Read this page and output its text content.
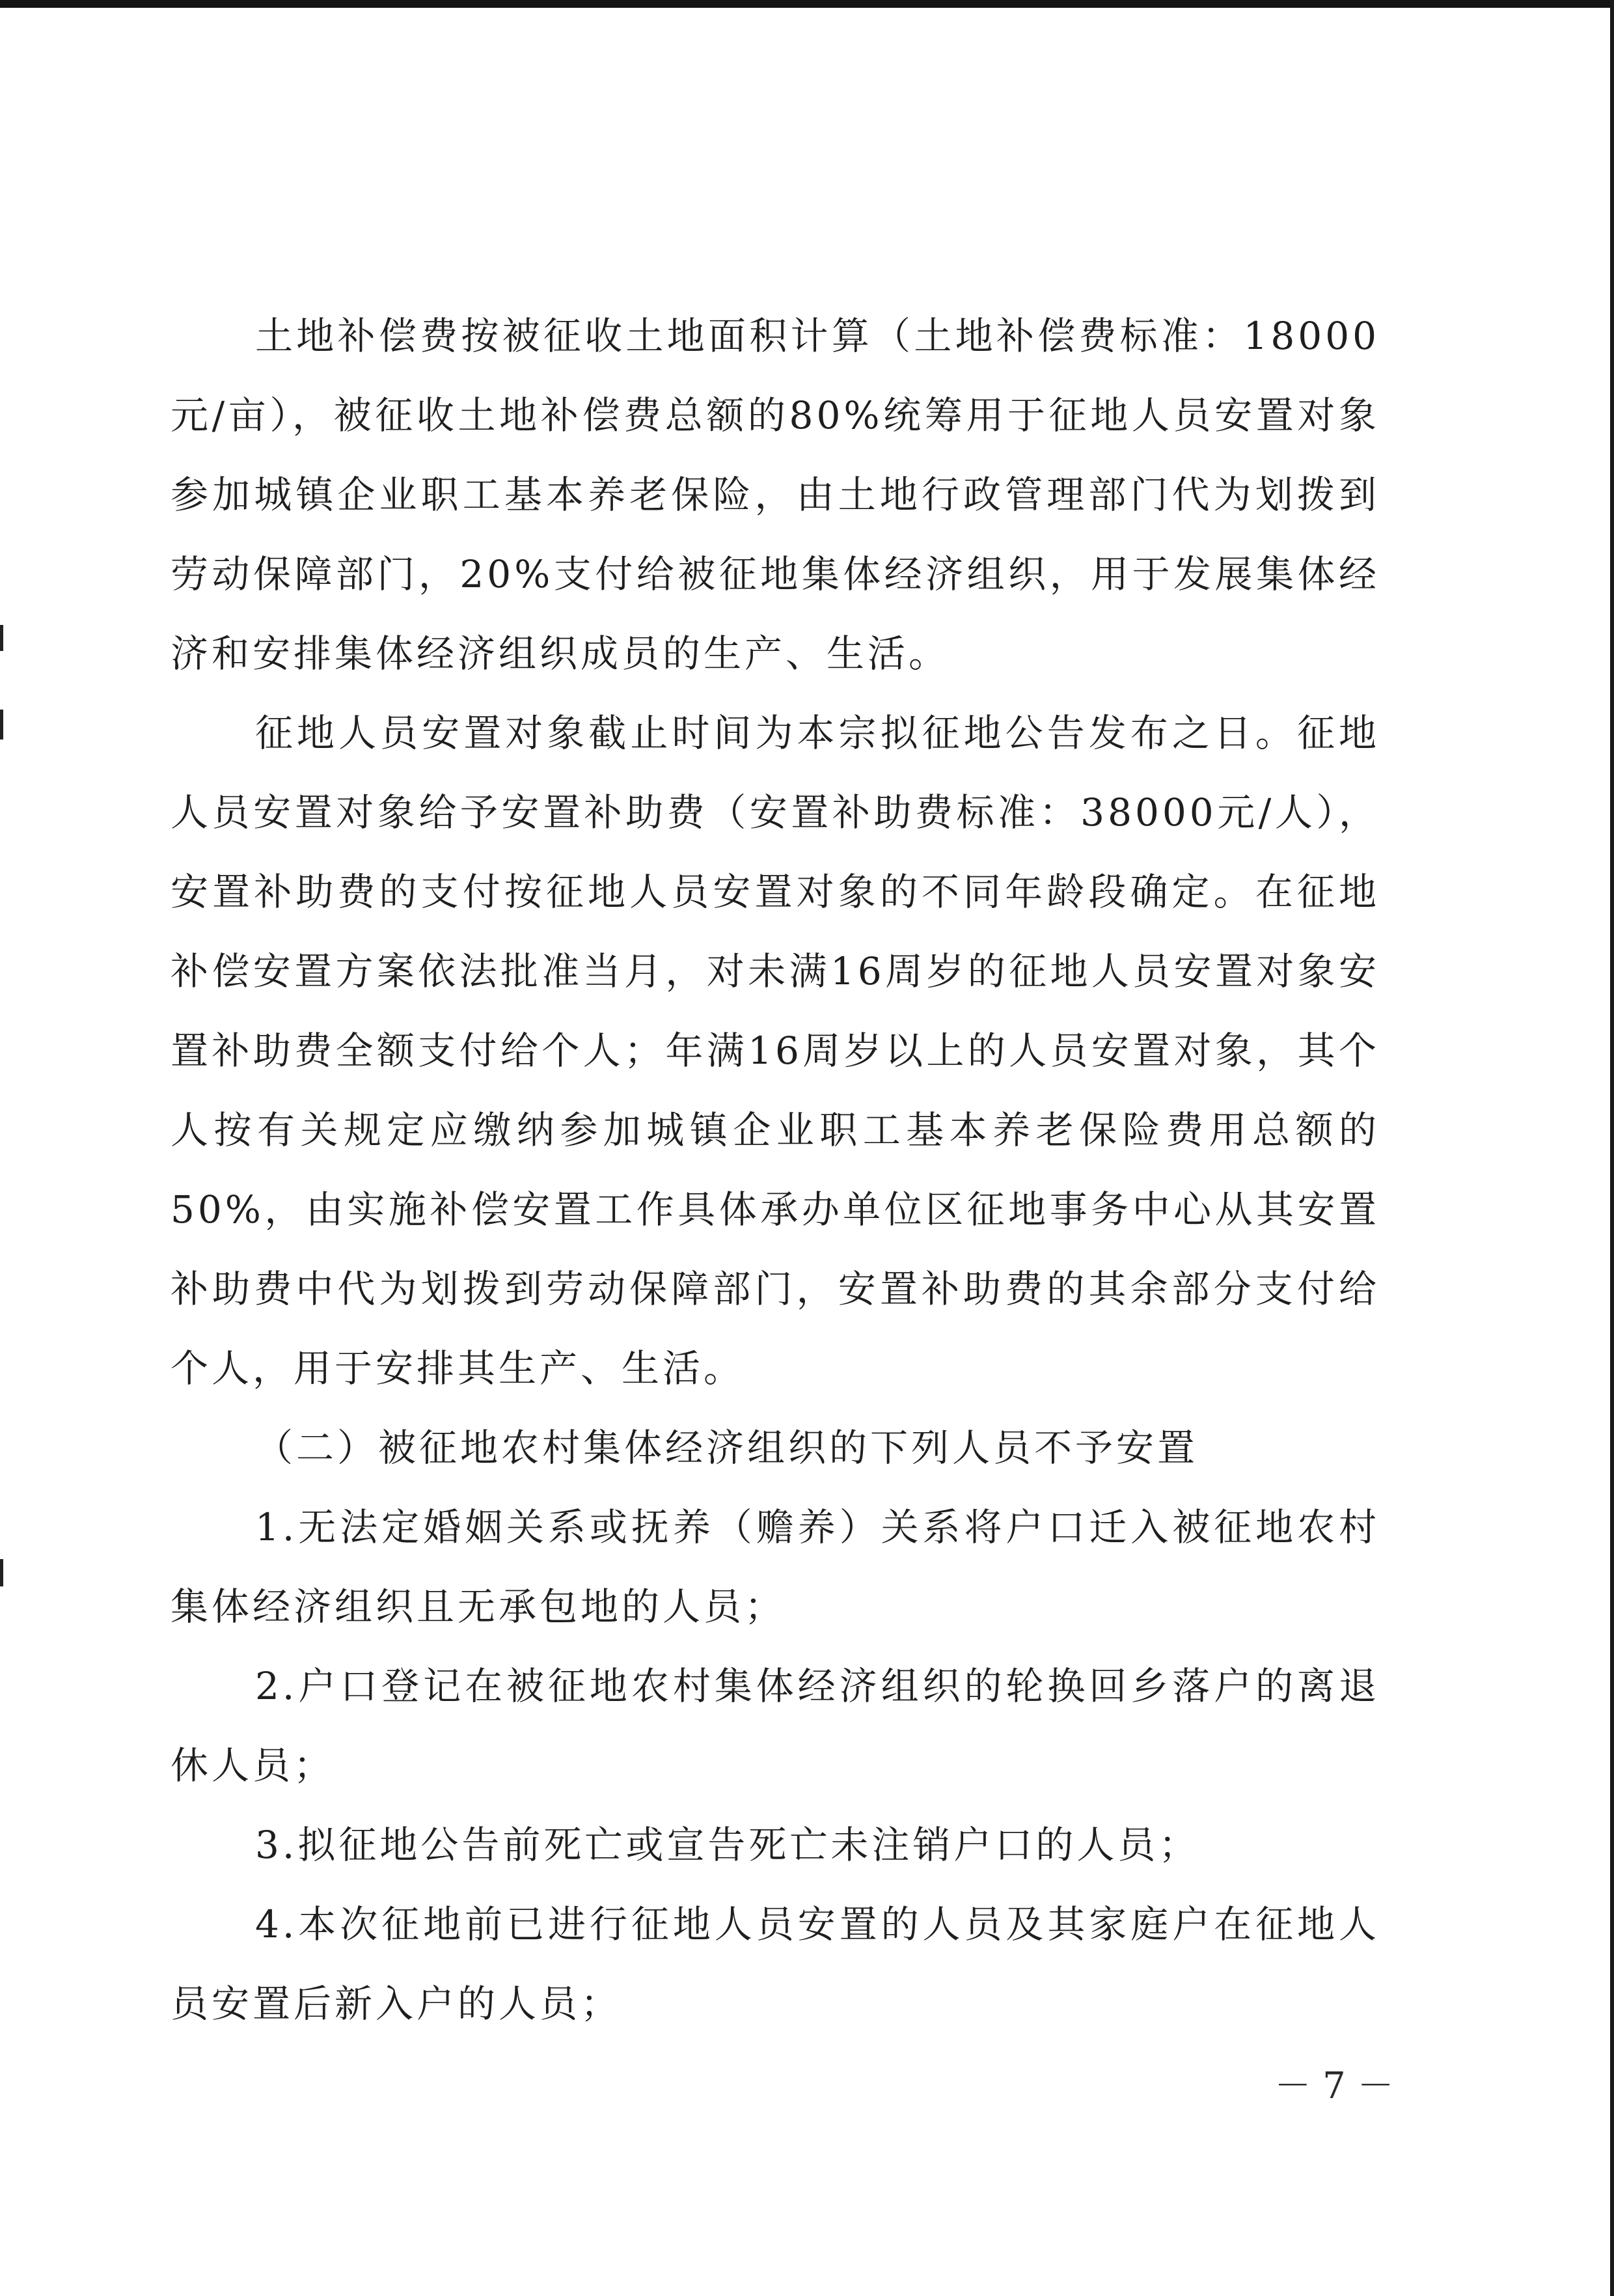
土地补偿费按被征收土地面积计算（土地补偿费标准：18000元/亩），被征收土地补偿费总额的80%统筹用于征地人员安置对象参加城镇企业职工基本养老保险，由土地行政管理部门代为划拨到劳动保障部门，20%支付给被征地集体经济组织，用于发展集体经济和安排集体经济组织成员的生产、生活。

征地人员安置对象截止时间为本宗拟征地公告发布之日。征地人员安置对象给予安置补助费（安置补助费标准：38000元/人），安置补助费的支付按征地人员安置对象的不同年龄段确定。在征地补偿安置方案依法批准当月，对未满16周岁的征地人员安置对象安置补助费全额支付给个人；年满16周岁以上的人员安置对象，其个人按有关规定应缴纳参加城镇企业职工基本养老保险费用总额的50%，由实施补偿安置工作具体承办单位区征地事务中心从其安置补助费中代为划拨到劳动保障部门，安置补助费的其余部分支付给个人，用于安排其生产、生活。

（二）被征地农村集体经济组织的下列人员不予安置

1.无法定婚姻关系或抚养（赡养）关系将户口迁入被征地农村集体经济组织且无承包地的人员；

2.户口登记在被征地农村集体经济组织的轮换回乡落户的离退休人员；

3.拟征地公告前死亡或宣告死亡未注销户口的人员；

4.本次征地前已进行征地人员安置的人员及其家庭户在征地人员安置后新入户的人员；

－ 7 －
